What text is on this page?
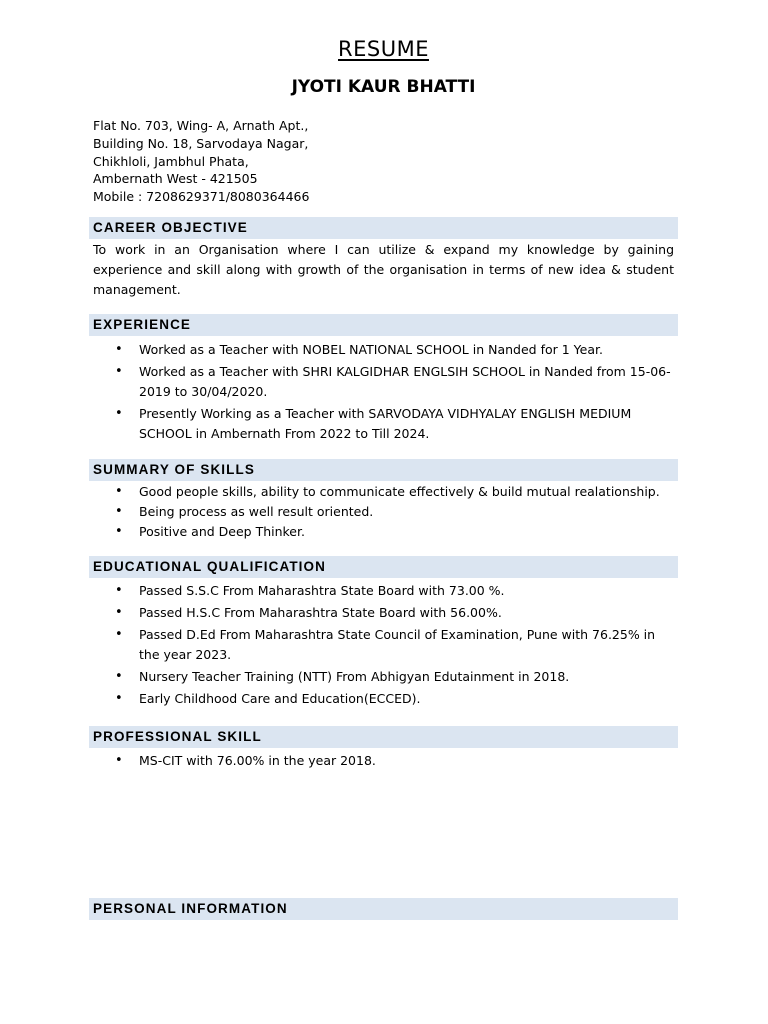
RESUME
JYOTI KAUR BHATTI
Flat No. 703, Wing- A, Arnath Apt.,
Building No. 18, Sarvodaya Nagar,
Chikhloli, Jambhul Phata,
Ambernath West - 421505
Mobile : 7208629371/8080364466
CAREER OBJECTIVE
To work in an Organisation where I can utilize & expand my knowledge by gaining experience and skill along with growth of the organisation in terms of new idea & student management.
EXPERIENCE
• Worked as a Teacher with NOBEL NATIONAL SCHOOL in Nanded for 1 Year.
• Worked as a Teacher with SHRI KALGIDHAR ENGLSIH SCHOOL in Nanded from 15-06-2019 to 30/04/2020.
• Presently Working as a Teacher with SARVODAYA VIDHYALAY ENGLISH MEDIUM SCHOOL in Ambernath From 2022 to Till 2024.
SUMMARY OF SKILLS
• Good people skills, ability to communicate effectively & build mutual realationship.
• Being process as well result oriented.
• Positive and Deep Thinker.
EDUCATIONAL QUALIFICATION
• Passed S.S.C From Maharashtra State Board with 73.00 %.
• Passed H.S.C From Maharashtra State Board with 56.00%.
• Passed D.Ed From Maharashtra State Council of Examination, Pune with 76.25% in the year 2023.
• Nursery Teacher Training (NTT) From Abhigyan Edutainment in 2018.
• Early Childhood Care and Education(ECCED).
PROFESSIONAL SKILL
• MS-CIT with 76.00% in the year 2018.
PERSONAL INFORMATION
